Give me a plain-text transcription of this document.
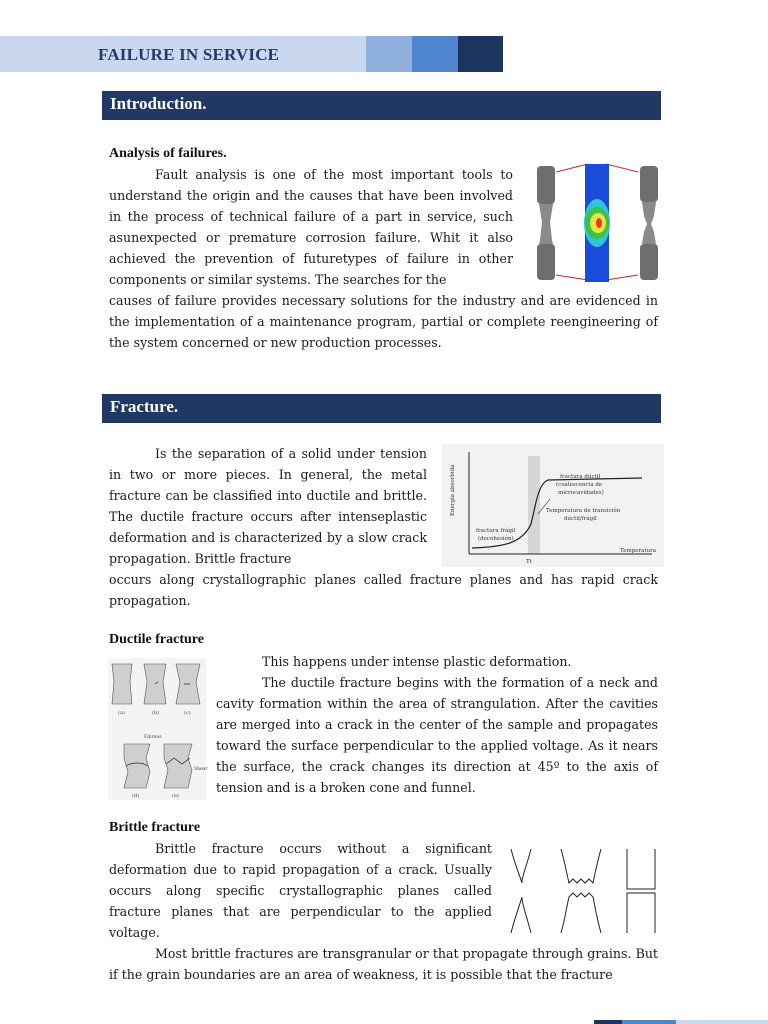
FAILURE IN SERVICE
Introduction.
Analysis of failures.

Fault analysis is one of the most important tools to understand the origin and the causes that have been involved in the process of technical failure of a part in service, such asunexpected or premature corrosion failure. Whit it also achieved the prevention of futuretypes of failure in other components or similar systems. The searches for the

causes of failure provides necessary solutions for the industry and are evidenced in the implementation of a maintenance program, partial or complete reengineering of the system concerned or new production processes.

Fracture.

Is the separation of a solid under tension in two or more pieces. In general, the metal fracture can be classified into ductile and brittle. The ductile fracture occurs after intenseplastic deformation and is characterized by a slow crack propagation. Brittle fracture

Energía absorbida
Temperatura
fractura dúctil
(coalescencia de
microcavidades)
Temperatura de transición
dúctil/frágil
fractura frágil
(decohesión)
Tt

occurs along crystallographic planes called fracture planes and has rapid crack propagation.

Ductile fracture
(a)	(b)	(c)
(d)	(e)
Fibrous
Shear

This happens under intense plastic deformation.

The ductile fracture begins with the formation of a neck and cavity formation within the area of strangulation. After the cavities are merged into a crack in the center of the sample and propagates toward the surface perpendicular to the applied voltage. As it nears the surface, the crack changes its direction at 45º to the axis of tension and is a broken cone and funnel.

Brittle fracture

Brittle fracture occurs without a significant deformation due to rapid propagation of a crack. Usually occurs along specific crystallographic planes called fracture planes that are perpendicular to the applied voltage.

Most brittle fractures are transgranular or that propagate through grains. But if the grain boundaries are an area of weakness, it is possible that the fracture
